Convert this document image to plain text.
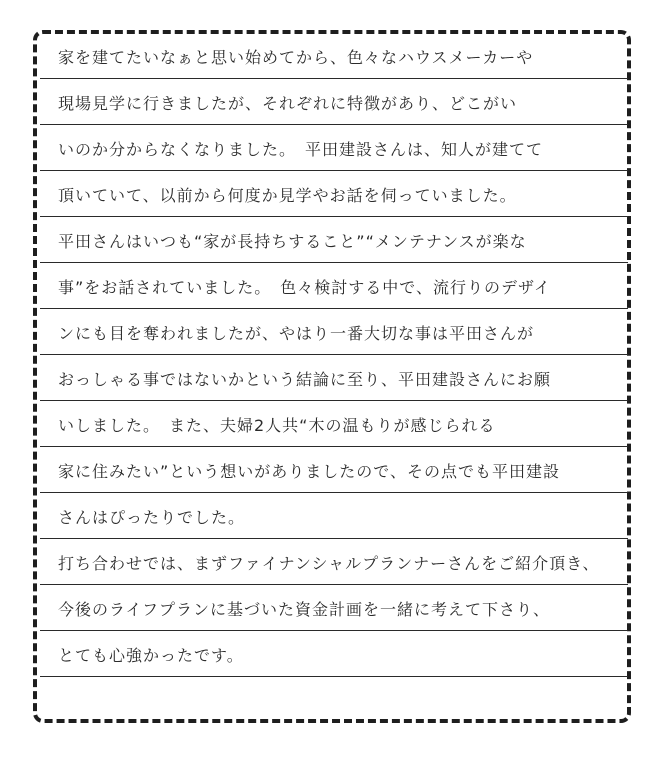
家を建てたいなぁと思い始めてから、色々なハウスメーカーや
現場見学に行きましたが、それぞれに特徴があり、どこがい
いのか分からなくなりました。　平田建設さんは、知人が建てて
頂いていて、以前から何度か見学やお話を伺っていました。
平田さんはいつも“家が長持ちすること”“メンテナンスが楽な
事”をお話されていました。　色々検討する中で、流行りのデザイ
ンにも目を奪われましたが、やはり一番大切な事は平田さんが
おっしゃる事ではないかという結論に至り、平田建設さんにお願
いしました。　また、夫婦2人共“木の温もりが感じられる
家に住みたい”という想いがありましたので、その点でも平田建設
さんはぴったりでした。
打ち合わせでは、まずファイナンシャルプランナーさんをご紹介頂き、
今後のライフプランに基づいた資金計画を一緒に考えて下さり、
とても心強かったです。
